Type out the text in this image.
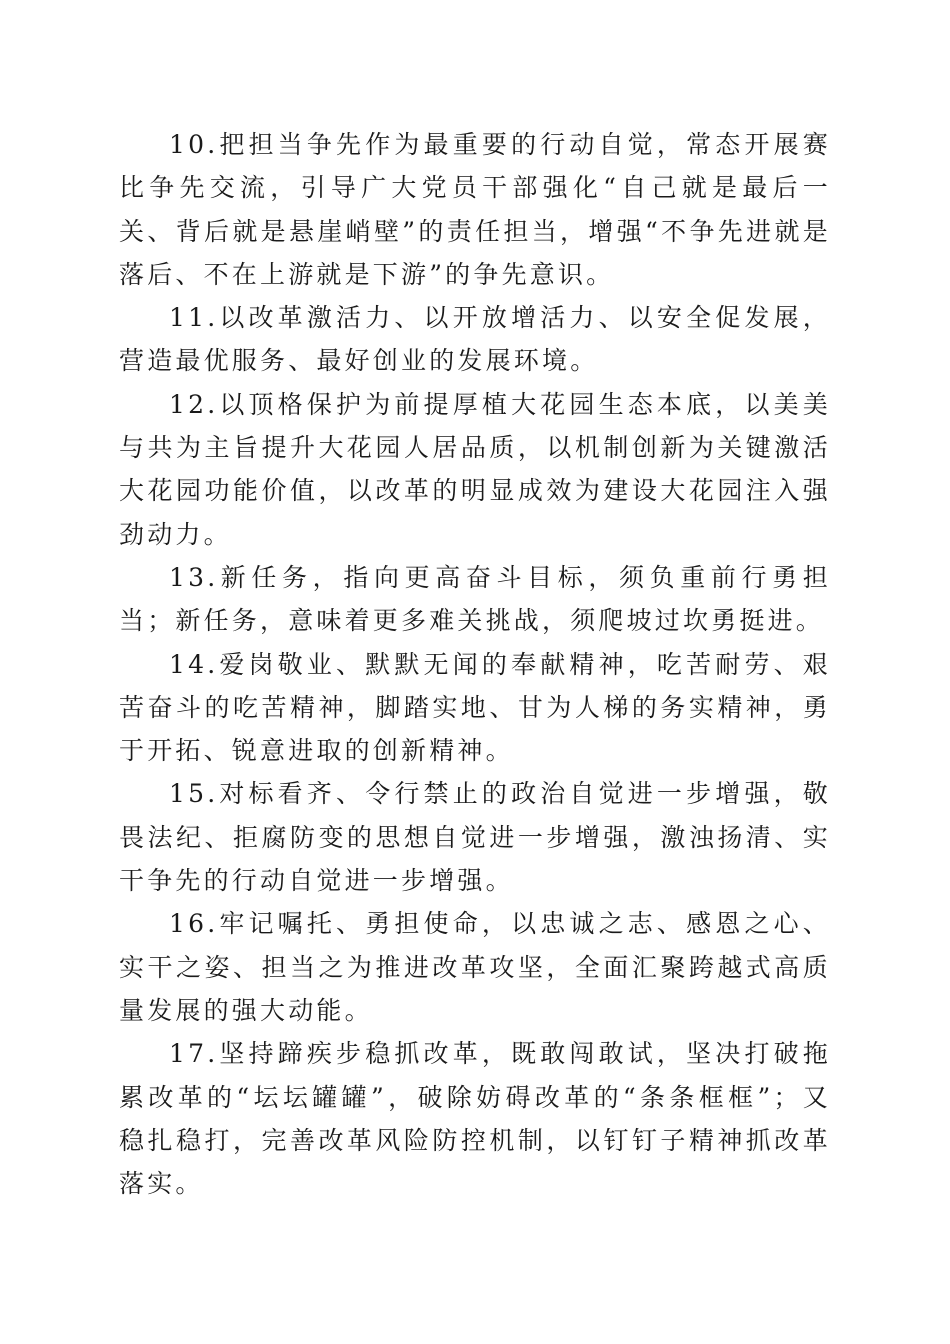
10.把担当争先作为最重要的行动自觉，常态开展赛比争先交流，引导广大党员干部强化“自己就是最后一关、背后就是悬崖峭壁”的责任担当，增强“不争先进就是落后、不在上游就是下游”的争先意识。

11.以改革激活力、以开放增活力、以安全促发展，营造最优服务、最好创业的发展环境。

12.以顶格保护为前提厚植大花园生态本底，以美美与共为主旨提升大花园人居品质，以机制创新为关键激活大花园功能价值，以改革的明显成效为建设大花园注入强劲动力。

13.新任务，指向更高奋斗目标，须负重前行勇担当；新任务，意味着更多难关挑战，须爬坡过坎勇挺进。

14.爱岗敬业、默默无闻的奉献精神，吃苦耐劳、艰苦奋斗的吃苦精神，脚踏实地、甘为人梯的务实精神，勇于开拓、锐意进取的创新精神。

15.对标看齐、令行禁止的政治自觉进一步增强，敬畏法纪、拒腐防变的思想自觉进一步增强，激浊扬清、实干争先的行动自觉进一步增强。

16.牢记嘱托、勇担使命，以忠诚之志、感恩之心、实干之姿、担当之为推进改革攻坚，全面汇聚跨越式高质量发展的强大动能。

17.坚持蹄疾步稳抓改革，既敢闯敢试，坚决打破拖累改革的“坛坛罐罐”，破除妨碍改革的“条条框框”；又稳扎稳打，完善改革风险防控机制，以钉钉子精神抓改革落实。
